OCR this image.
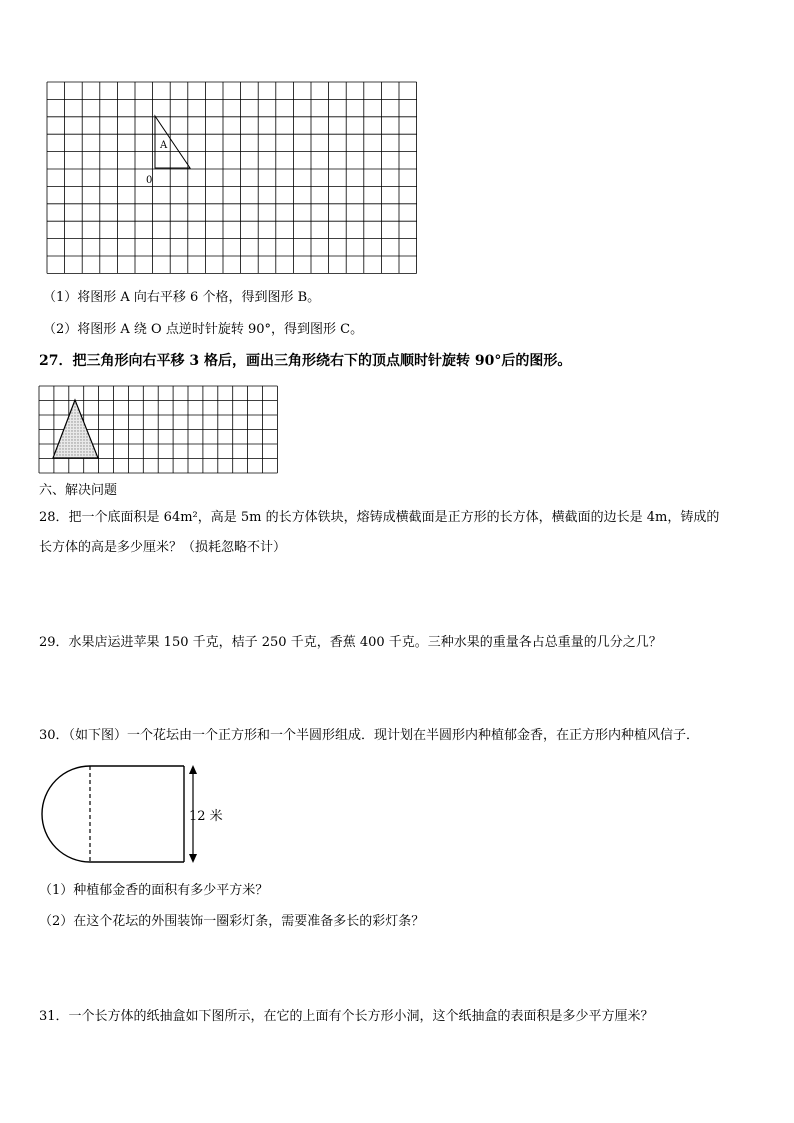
A
0
（1）将图形 A 向右平移 6 个格，得到图形 B。
（2）将图形 A 绕 O 点逆时针旋转 90°，得到图形 C。
27．把三角形向右平移 3 格后，画出三角形绕右下的顶点顺时针旋转 90°后的图形。
六、解决问题
28．把一个底面积是 64m²，高是 5m 的长方体铁块，熔铸成横截面是正方形的长方体，横截面的边长是 4m，铸成的
长方体的高是多少厘米？（损耗忽略不计）
29．水果店运进苹果 150 千克，桔子 250 千克，香蕉 400 千克。三种水果的重量各占总重量的几分之几？
30．（如下图）一个花坛由一个正方形和一个半圆形组成．现计划在半圆形内种植郁金香，在正方形内种植风信子．
12 米
（1）种植郁金香的面积有多少平方米？
（2）在这个花坛的外围装饰一圈彩灯条，需要准备多长的彩灯条？
31．一个长方体的纸抽盒如下图所示，在它的上面有个长方形小洞，这个纸抽盒的表面积是多少平方厘米？
